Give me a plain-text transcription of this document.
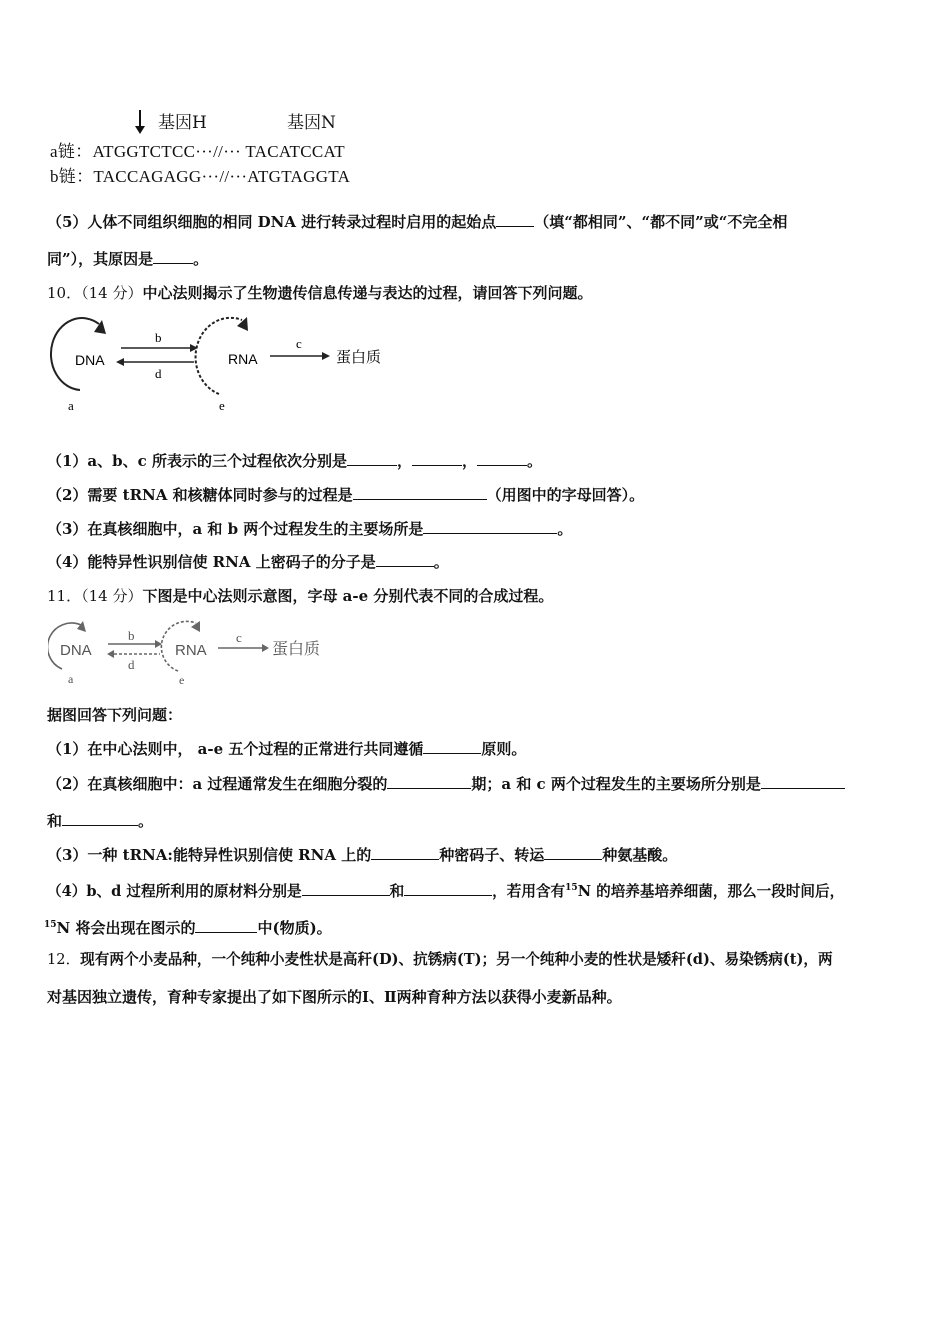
基因H	基因N
a链：ATGGTCTCC···//··· TACATCCAT
b链：TACCAGAGG···//···ATGTAGGTA
（5）人体不同组织细胞的相同 DNA 进行转录过程时启用的起始点	（填“都相同”、“都不同”或“不完全相
同”），其原因是	。
10．（14 分）中心法则揭示了生物遗传信息传递与表达的过程，请回答下列问题。
DNA
a
b
d
RNA
e
c
蛋白质
（1）a、b、c 所表示的三个过程依次分别是	，	，	。
（2）需要 tRNA 和核糖体同时参与的过程是	（用图中的字母回答）。
（3）在真核细胞中，a 和 b 两个过程发生的主要场所是	。
（4）能特异性识别信使 RNA 上密码子的分子是	。
11．（14 分）下图是中心法则示意图，字母 a-e 分别代表不同的合成过程。
DNA
a
b
d
RNA
e
c
蛋白质
据图回答下列问题：
（1）在中心法则中， a-e 五个过程的正常进行共同遵循	原则。
（2）在真核细胞中：a 过程通常发生在细胞分裂的	期；a 和 c 两个过程发生的主要场所分别是
和	。
（3）一种 tRNA:能特异性识别信使 RNA 上的	种密码子、转运	种氨基酸。
（4）b、d 过程所利用的原材料分别是	和	，若用含有$^{15}$N 的培养基培养细菌，那么一段时间后，
$^{15}$N 将会出现在图示的	中(物质)。
12．现有两个小麦品种，一个纯种小麦性状是高秆(D)、抗锈病(T)；另一个纯种小麦的性状是矮秆(d)、易染锈病(t)，两
对基因独立遗传，育种专家提出了如下图所示的Ⅰ、Ⅱ两种育种方法以获得小麦新品种。
